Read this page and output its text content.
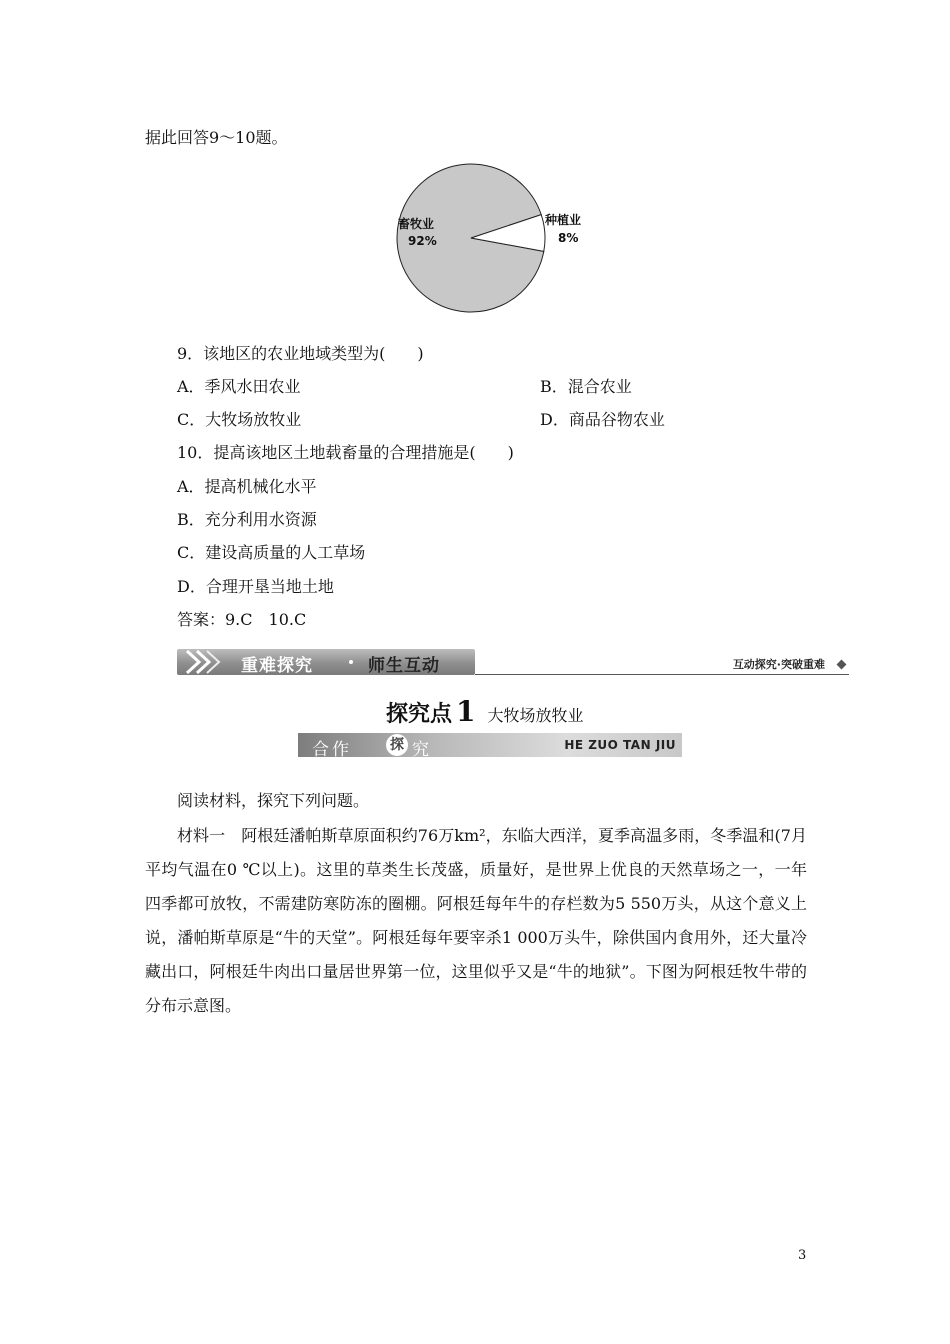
据此回答9～10题。
畜牧业
92%
种植业
8%
9．该地区的农业地域类型为(　　)
A．季风水田农业	B．混合农业
C．大牧场放牧业	D．商品谷物农业
10．提高该地区土地载畜量的合理措施是(　　)
A．提高机械化水平
B．充分利用水资源
C．建设高质量的人工草场
D．合理开垦当地土地
答案：9.C　10.C
重难探究	师生互动	互动探究·突破重难
探究点 1 大牧场放牧业
合作	探 究	HE ZUO TAN JIU
阅读材料，探究下列问题。
材料一　阿根廷潘帕斯草原面积约76万km²，东临大西洋，夏季高温多雨，冬季温和(7月平均气温在0 ℃以上)。这里的草类生长茂盛，质量好，是世界上优良的天然草场之一，一年四季都可放牧，不需建防寒防冻的圈棚。阿根廷每年牛的存栏数为5 550万头，从这个意义上说，潘帕斯草原是“牛的天堂”。阿根廷每年要宰杀1 000万头牛，除供国内食用外，还大量冷藏出口，阿根廷牛肉出口量居世界第一位，这里似乎又是“牛的地狱”。下图为阿根廷牧牛带的分布示意图。
3
